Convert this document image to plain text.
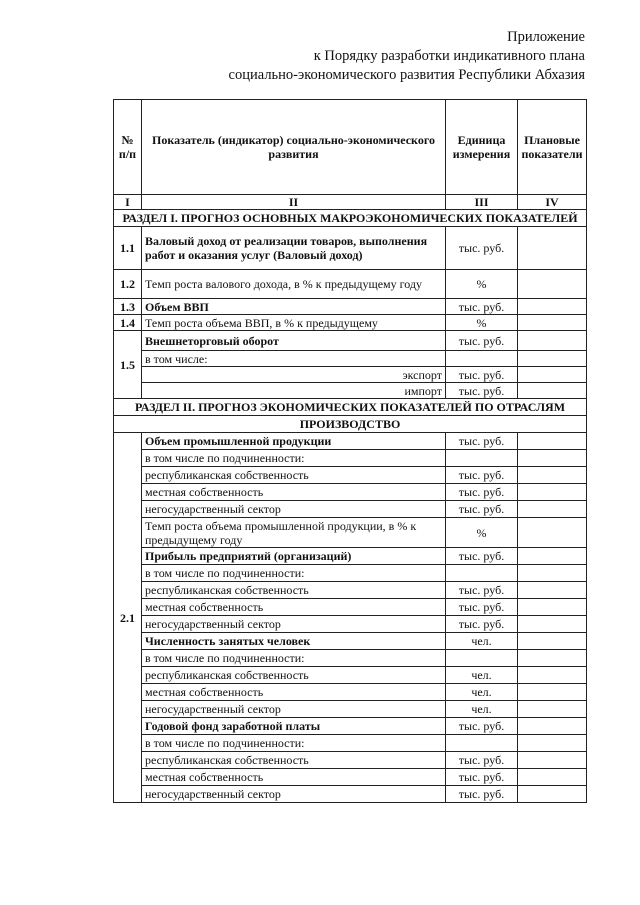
Приложение
к Порядку разработки индикативного плана
социально-экономического развития Республики Абхазия
№ п/п	Показатель (индикатор) социально-экономического развития	Единица измерения	Плановые показатели
I	II	III	IV
РАЗДЕЛ I. ПРОГНОЗ ОСНОВНЫХ МАКРОЭКОНОМИЧЕСКИХ ПОКАЗАТЕЛЕЙ			
1.1	Валовый доход от реализации товаров, выполнения работ и оказания услуг (Валовый доход)	тыс. руб.	
1.2	Темп роста валового дохода, в % к предыдущему году	%	
1.3	Объем ВВП	тыс. руб.	
1.4	Темп роста объема ВВП, в % к предыдущему	%	
1.5	Внешнеторговый оборот	тыс. руб.	
	в том числе:		
	экспорт	тыс. руб.	
	импорт	тыс. руб.	
РАЗДЕЛ II. ПРОГНОЗ ЭКОНОМИЧЕСКИХ ПОКАЗАТЕЛЕЙ ПО ОТРАСЛЯМ			
ПРОИЗВОДСТВО			
2.1	Объем промышленной продукции	тыс. руб.	
	в том числе по подчиненности:		
	республиканская собственность	тыс. руб.	
	местная собственность	тыс. руб.	
	негосударственный сектор	тыс. руб.	
	Темп роста объема промышленной продукции, в % к предыдущему году	%	
	Прибыль предприятий (организаций)	тыс. руб.	
	в том числе по подчиненности:		
	республиканская собственность	тыс. руб.	
	местная собственность	тыс. руб.	
	негосударственный сектор	тыс. руб.	
	Численность занятых человек	чел.	
	в том числе по подчиненности:		
	республиканская собственность	чел.	
	местная собственность	чел.	
	негосударственный сектор	чел.	
	Годовой фонд заработной платы	тыс. руб.	
	в том числе по подчиненности:		
	республиканская собственность	тыс. руб.	
	местная собственность	тыс. руб.	
	негосударственный сектор	тыс. руб.	
